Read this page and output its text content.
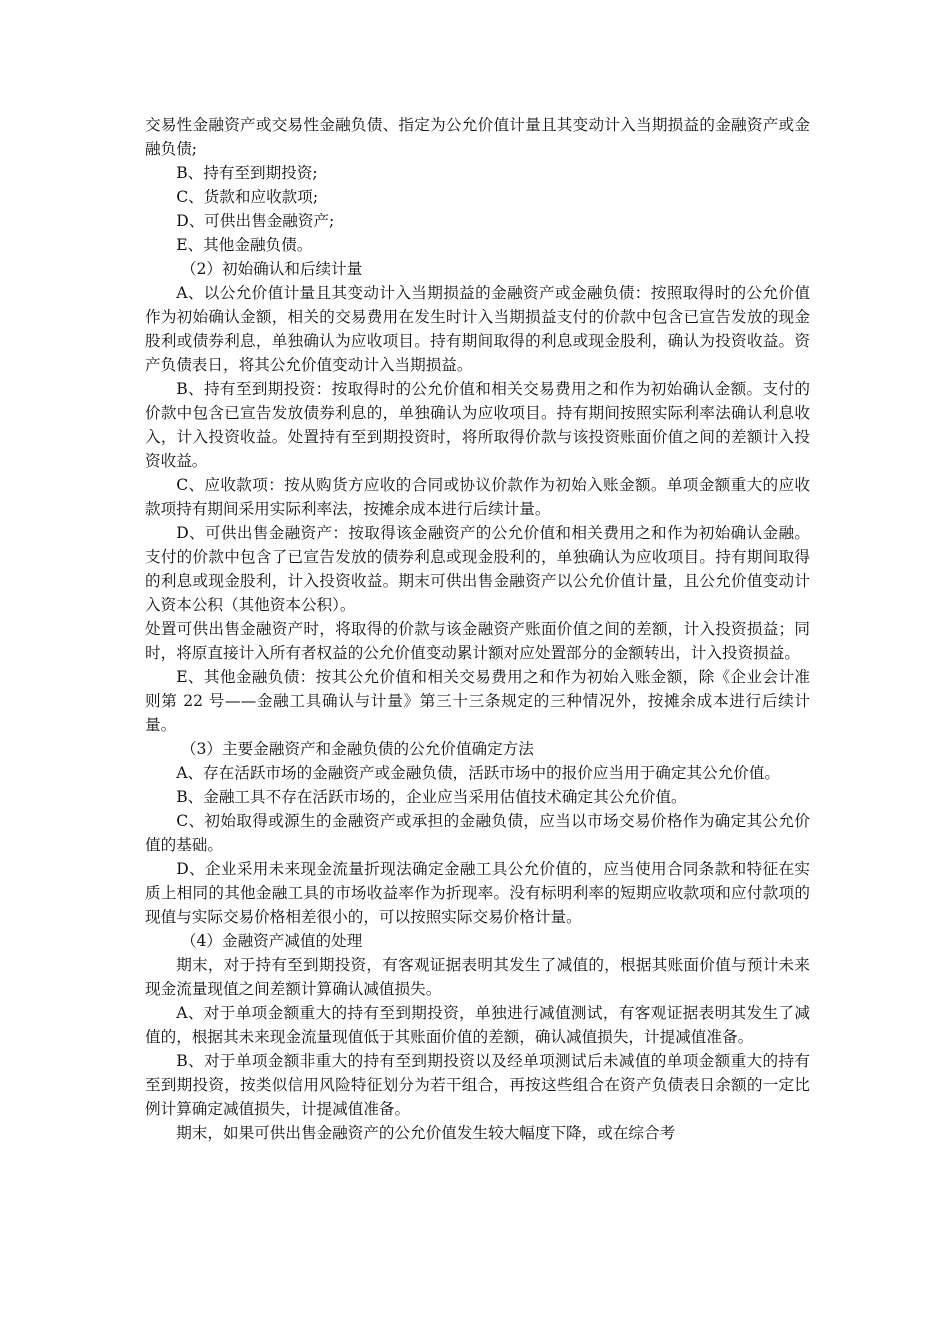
交易性金融资产或交易性金融负债、指定为公允价值计量且其变动计入当期损益的金融资产或金融负债;

B、持有至到期投资;

C、货款和应收款项;

D、可供出售金融资产;

E、其他金融负债。

（2）初始确认和后续计量

A、以公允价值计量且其变动计入当期损益的金融资产或金融负债：按照取得时的公允价值作为初始确认金额，相关的交易费用在发生时计入当期损益支付的价款中包含已宣告发放的现金股利或债券利息，单独确认为应收项目。持有期间取得的利息或现金股利，确认为投资收益。资产负债表日，将其公允价值变动计入当期损益。

B、持有至到期投资：按取得时的公允价值和相关交易费用之和作为初始确认金额。支付的价款中包含已宣告发放债券利息的，单独确认为应收项目。持有期间按照实际利率法确认利息收入，计入投资收益。处置持有至到期投资时，将所取得价款与该投资账面价值之间的差额计入投资收益。

C、应收款项：按从购货方应收的合同或协议价款作为初始入账金额。单项金额重大的应收款项持有期间采用实际利率法，按摊余成本进行后续计量。

D、可供出售金融资产：按取得该金融资产的公允价值和相关费用之和作为初始确认金融。支付的价款中包含了已宣告发放的债券利息或现金股利的，单独确认为应收项目。持有期间取得的利息或现金股利，计入投资收益。期末可供出售金融资产以公允价值计量，且公允价值变动计入资本公积（其他资本公积）。

处置可供出售金融资产时，将取得的价款与该金融资产账面价值之间的差额，计入投资损益；同时，将原直接计入所有者权益的公允价值变动累计额对应处置部分的金额转出，计入投资损益。

E、其他金融负债：按其公允价值和相关交易费用之和作为初始入账金额，除《企业会计准则第 22 号——金融工具确认与计量》第三十三条规定的三种情况外，按摊余成本进行后续计量。

（3）主要金融资产和金融负债的公允价值确定方法

A、存在活跃市场的金融资产或金融负债，活跃市场中的报价应当用于确定其公允价值。

B、金融工具不存在活跃市场的，企业应当采用估值技术确定其公允价值。

C、初始取得或源生的金融资产或承担的金融负债，应当以市场交易价格作为确定其公允价值的基础。

D、企业采用未来现金流量折现法确定金融工具公允价值的，应当使用合同条款和特征在实质上相同的其他金融工具的市场收益率作为折现率。没有标明利率的短期应收款项和应付款项的现值与实际交易价格相差很小的，可以按照实际交易价格计量。

（4）金融资产减值的处理

期末，对于持有至到期投资，有客观证据表明其发生了减值的，根据其账面价值与预计未来现金流量现值之间差额计算确认减值损失。

A、对于单项金额重大的持有至到期投资，单独进行减值测试，有客观证据表明其发生了减值的，根据其未来现金流量现值低于其账面价值的差额，确认减值损失，计提减值准备。

B、对于单项金额非重大的持有至到期投资以及经单项测试后未减值的单项金额重大的持有至到期投资，按类似信用风险特征划分为若干组合，再按这些组合在资产负债表日余额的一定比例计算确定减值损失，计提减值准备。

期末，如果可供出售金融资产的公允价值发生较大幅度下降，或在综合考
